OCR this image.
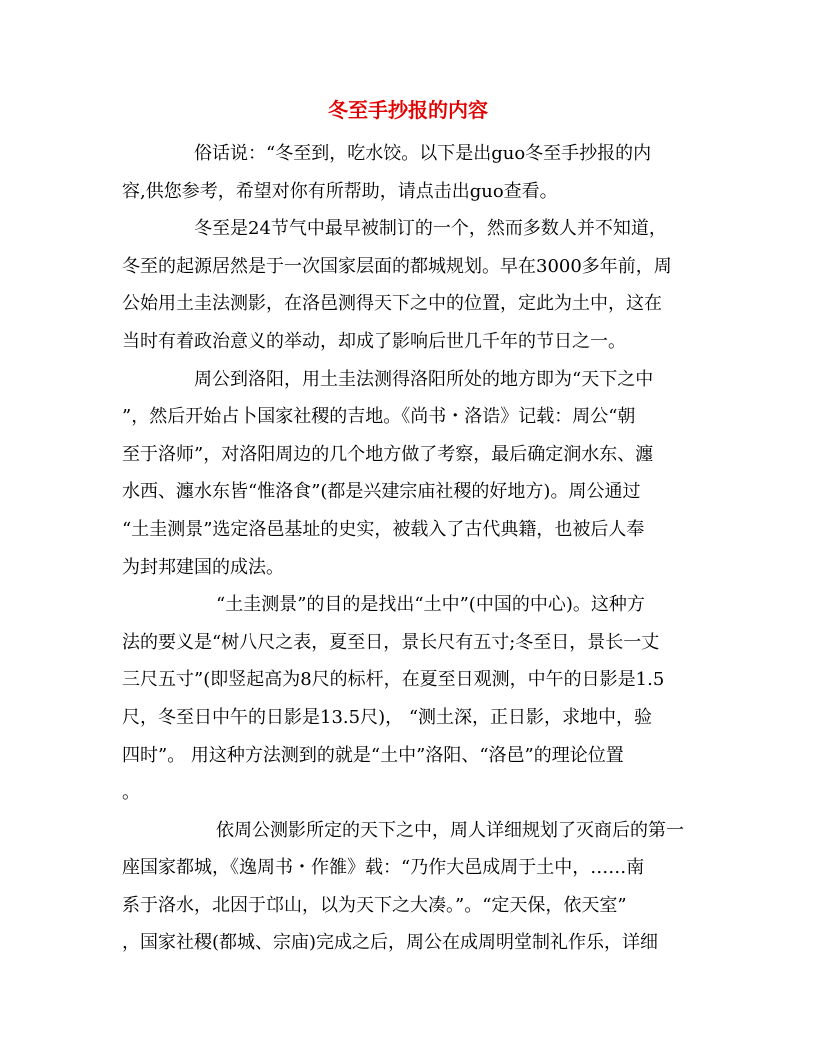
冬至手抄报的内容
俗话说：“冬至到，吃水饺。以下是出guo冬至手抄报的内
容,供您参考，希望对你有所帮助，请点击出guo查看。
冬至是24节气中最早被制订的一个，然而多数人并不知道，
冬至的起源居然是于一次国家层面的都城规划。早在3000多年前，周
公始用土圭法测影，在洛邑测得天下之中的位置，定此为土中，这在
当时有着政治意义的举动，却成了影响后世几千年的节日之一。
周公到洛阳，用土圭法测得洛阳所处的地方即为“天下之中
”，然后开始占卜国家社稷的吉地。《尚书・洛诰》记载：周公“朝
至于洛师”，对洛阳周边的几个地方做了考察，最后确定涧水东、瀍
水西、瀍水东皆“惟洛食”(都是兴建宗庙社稷的好地方)。周公通过
“土圭测景”选定洛邑基址的史实，被载入了古代典籍，也被后人奉
为封邦建国的成法。
“土圭测景”的目的是找出“土中”(中国的中心)。这种方
法的要义是“树八尺之表，夏至日，景长尺有五寸;冬至日，景长一丈
三尺五寸”(即竖起高为8尺的标杆，在夏至日观测，中午的日影是1.5
尺，冬至日中午的日影是13.5尺)， “测土深，正日影，求地中，验
四时”。 用这种方法测到的就是“土中”洛阳、“洛邑”的理论位置
。
依周公测影所定的天下之中，周人详细规划了灭商后的第一
座国家都城，《逸周书・作雒》载：“乃作大邑成周于土中，……南
系于洛水，北因于邙山，以为天下之大凑。”。“定天保，依天室”
，国家社稷(都城、宗庙)完成之后，周公在成周明堂制礼作乐，详细
